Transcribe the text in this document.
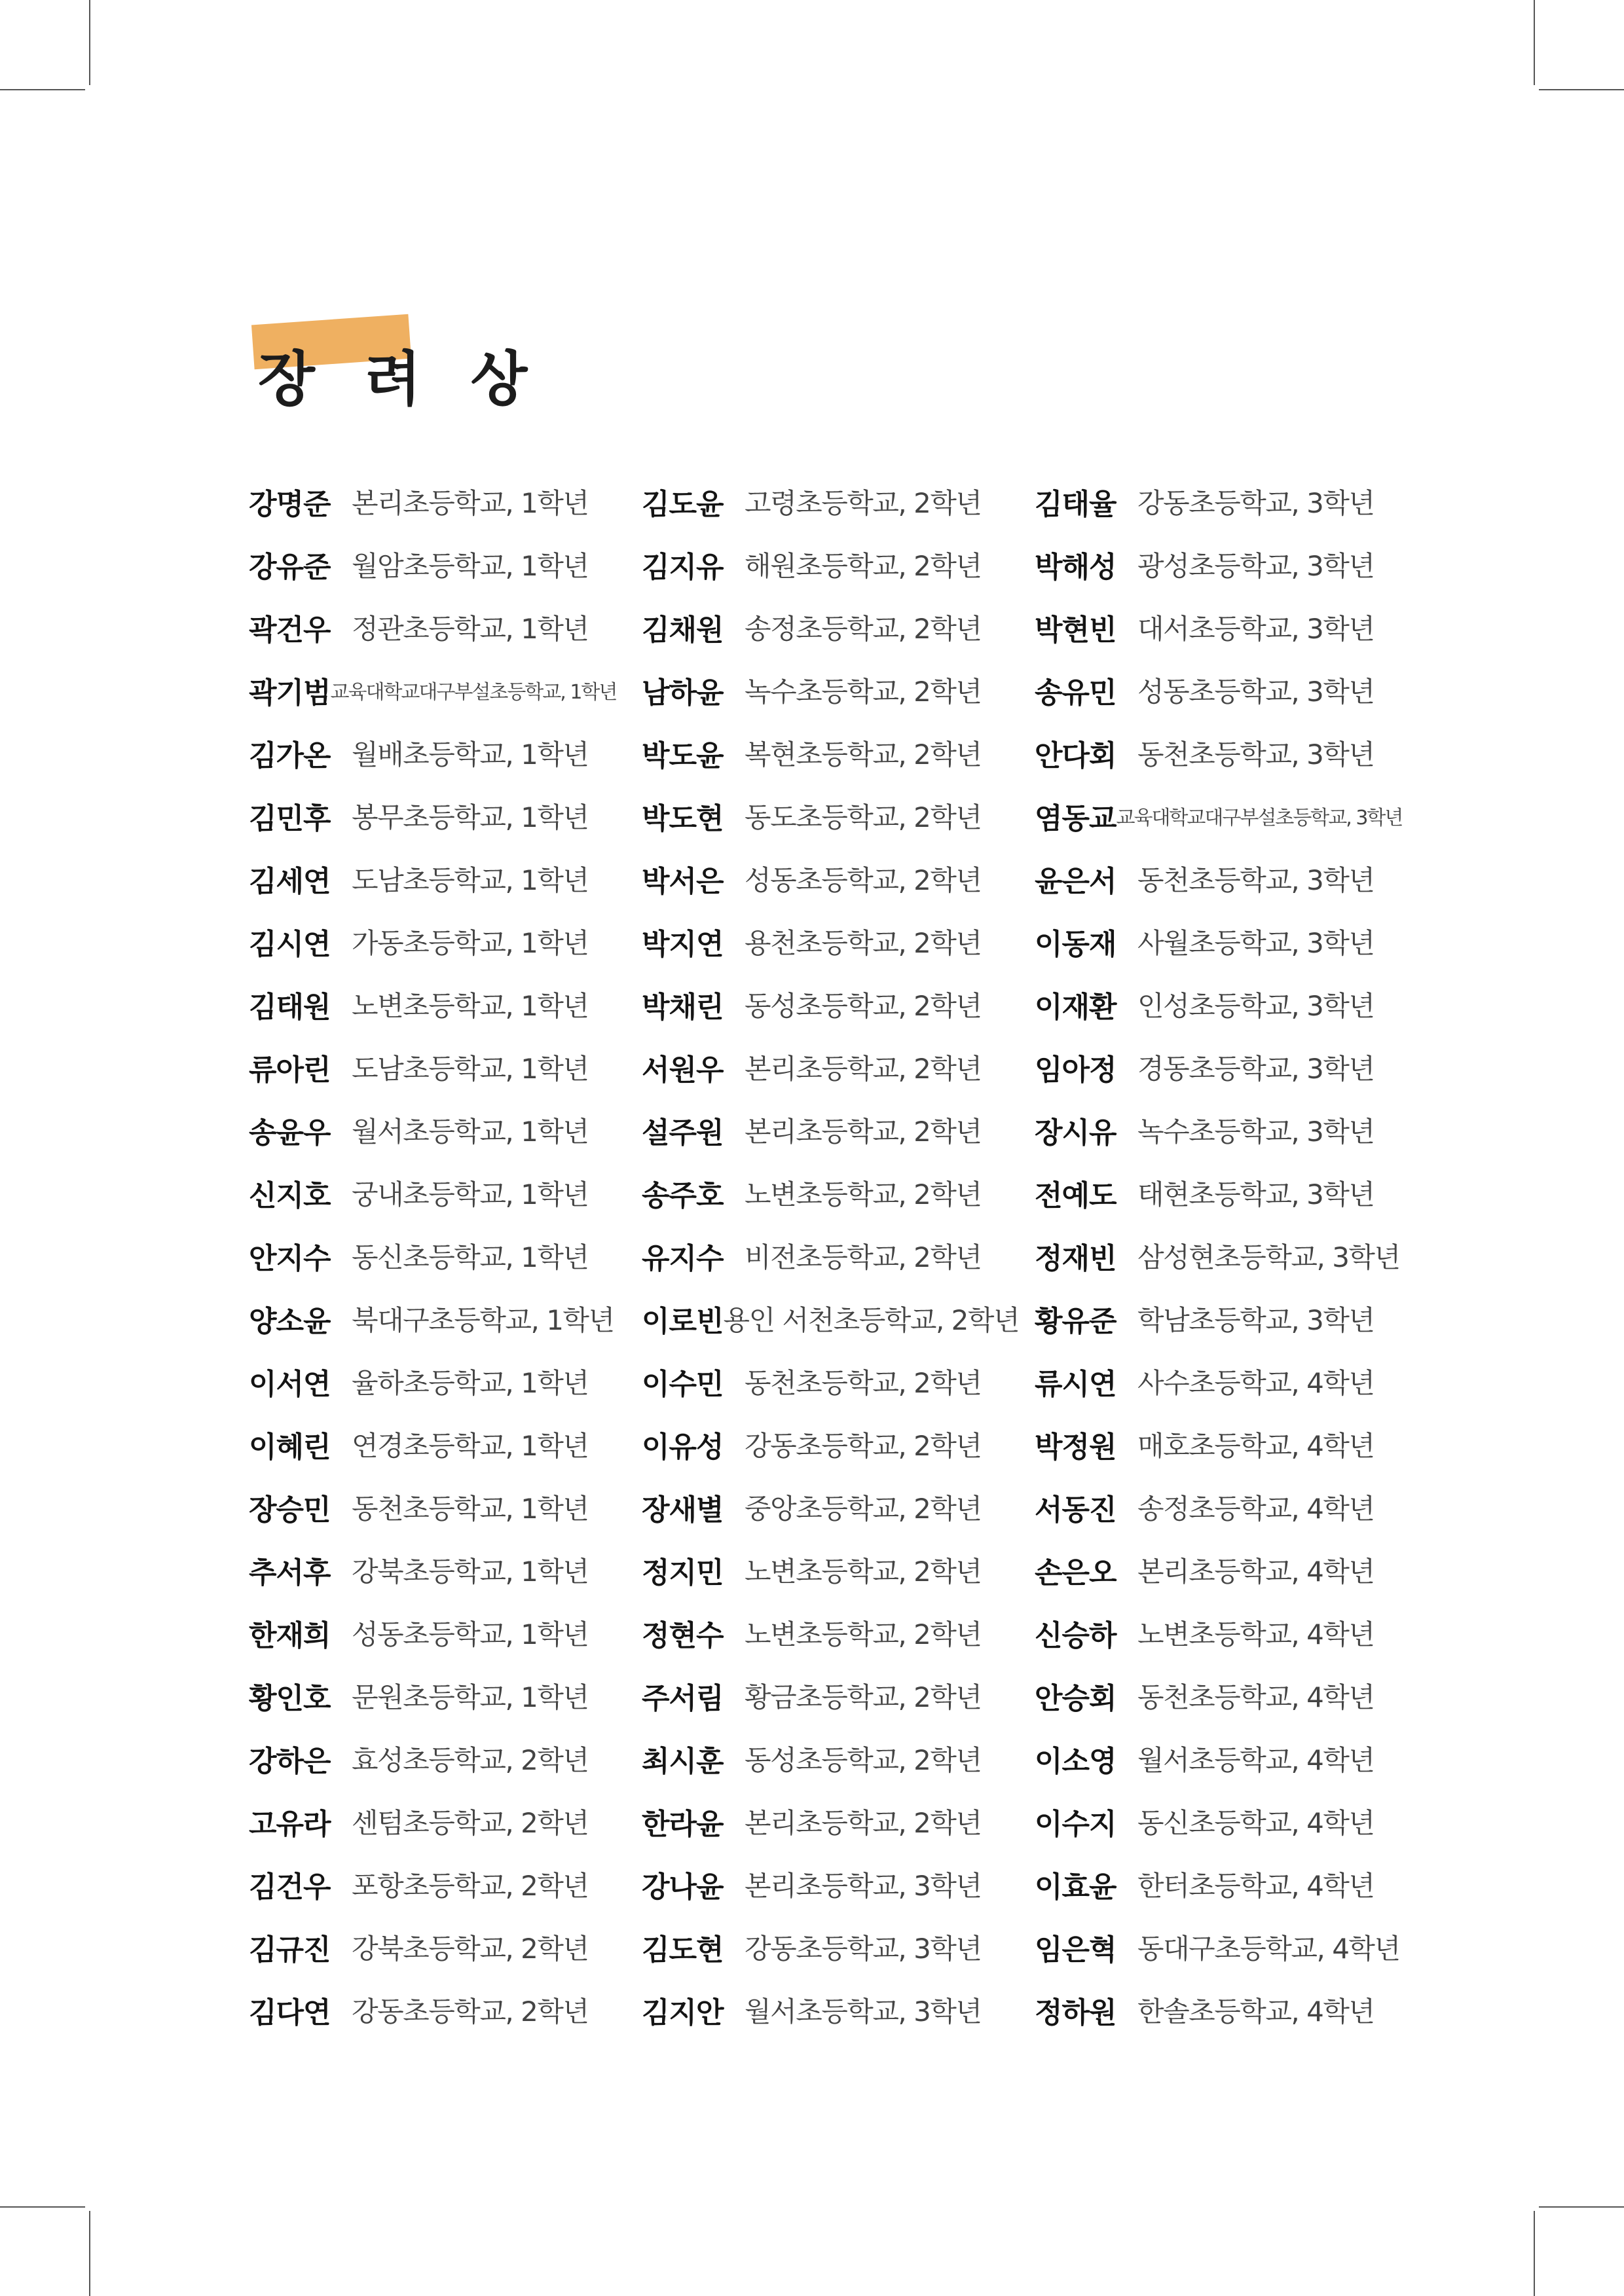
장 려 상
강명준 본리초등학교, 1학년
강유준 월암초등학교, 1학년
곽건우 정관초등학교, 1학년
곽기범 교육대학교대구부설초등학교, 1학년
김가온 월배초등학교, 1학년
김민후 봉무초등학교, 1학년
김세연 도남초등학교, 1학년
김시연 가동초등학교, 1학년
김태원 노변초등학교, 1학년
류아린 도남초등학교, 1학년
송윤우 월서초등학교, 1학년
신지호 궁내초등학교, 1학년
안지수 동신초등학교, 1학년
양소윤 북대구초등학교, 1학년
이서연 율하초등학교, 1학년
이혜린 연경초등학교, 1학년
장승민 동천초등학교, 1학년
추서후 강북초등학교, 1학년
한재희 성동초등학교, 1학년
황인호 문원초등학교, 1학년
강하은 효성초등학교, 2학년
고유라 센텀초등학교, 2학년
김건우 포항초등학교, 2학년
김규진 강북초등학교, 2학년
김다연 강동초등학교, 2학년
김도윤 고령초등학교, 2학년
김지유 해원초등학교, 2학년
김채원 송정초등학교, 2학년
남하윤 녹수초등학교, 2학년
박도윤 복현초등학교, 2학년
박도현 동도초등학교, 2학년
박서은 성동초등학교, 2학년
박지연 용천초등학교, 2학년
박채린 동성초등학교, 2학년
서원우 본리초등학교, 2학년
설주원 본리초등학교, 2학년
송주호 노변초등학교, 2학년
유지수 비전초등학교, 2학년
이로빈 용인 서천초등학교, 2학년
이수민 동천초등학교, 2학년
이유성 강동초등학교, 2학년
장새별 중앙초등학교, 2학년
정지민 노변초등학교, 2학년
정현수 노변초등학교, 2학년
주서림 황금초등학교, 2학년
최시훈 동성초등학교, 2학년
한라윤 본리초등학교, 2학년
강나윤 본리초등학교, 3학년
김도현 강동초등학교, 3학년
김지안 월서초등학교, 3학년
김태율 강동초등학교, 3학년
박해성 광성초등학교, 3학년
박현빈 대서초등학교, 3학년
송유민 성동초등학교, 3학년
안다회 동천초등학교, 3학년
염동교 교육대학교대구부설초등학교, 3학년
윤은서 동천초등학교, 3학년
이동재 사월초등학교, 3학년
이재환 인성초등학교, 3학년
임아정 경동초등학교, 3학년
장시유 녹수초등학교, 3학년
전예도 태현초등학교, 3학년
정재빈 삼성현초등학교, 3학년
황유준 학남초등학교, 3학년
류시연 사수초등학교, 4학년
박정원 매호초등학교, 4학년
서동진 송정초등학교, 4학년
손은오 본리초등학교, 4학년
신승하 노변초등학교, 4학년
안승회 동천초등학교, 4학년
이소영 월서초등학교, 4학년
이수지 동신초등학교, 4학년
이효윤 한터초등학교, 4학년
임은혁 동대구초등학교, 4학년
정하원 한솔초등학교, 4학년
